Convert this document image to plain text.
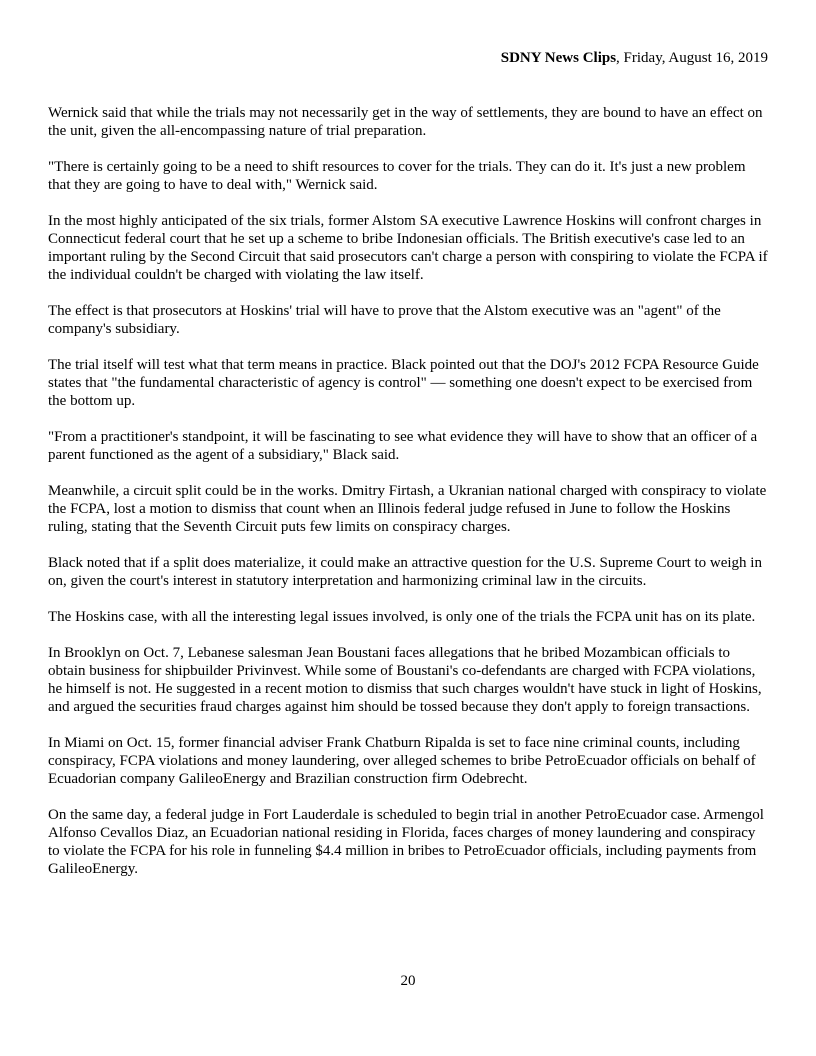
SDNY News Clips, Friday, August 16, 2019

Wernick said that while the trials may not necessarily get in the way of settlements, they are bound to have an effect on the unit, given the all-encompassing nature of trial preparation.

"There is certainly going to be a need to shift resources to cover for the trials. They can do it. It's just a new problem that they are going to have to deal with," Wernick said.

In the most highly anticipated of the six trials, former Alstom SA executive Lawrence Hoskins will confront charges in Connecticut federal court that he set up a scheme to bribe Indonesian officials. The British executive's case led to an important ruling by the Second Circuit that said prosecutors can't charge a person with conspiring to violate the FCPA if the individual couldn't be charged with violating the law itself.

The effect is that prosecutors at Hoskins' trial will have to prove that the Alstom executive was an "agent" of the company's subsidiary.

The trial itself will test what that term means in practice. Black pointed out that the DOJ's 2012 FCPA Resource Guide states that "the fundamental characteristic of agency is control" — something one doesn't expect to be exercised from the bottom up.

"From a practitioner's standpoint, it will be fascinating to see what evidence they will have to show that an officer of a parent functioned as the agent of a subsidiary," Black said.

Meanwhile, a circuit split could be in the works. Dmitry Firtash, a Ukranian national charged with conspiracy to violate the FCPA, lost a motion to dismiss that count when an Illinois federal judge refused in June to follow the Hoskins ruling, stating that the Seventh Circuit puts few limits on conspiracy charges.

Black noted that if a split does materialize, it could make an attractive question for the U.S. Supreme Court to weigh in on, given the court's interest in statutory interpretation and harmonizing criminal law in the circuits.

The Hoskins case, with all the interesting legal issues involved, is only one of the trials the FCPA unit has on its plate.

In Brooklyn on Oct. 7, Lebanese salesman Jean Boustani faces allegations that he bribed Mozambican officials to obtain business for shipbuilder Privinvest. While some of Boustani's co-defendants are charged with FCPA violations, he himself is not. He suggested in a recent motion to dismiss that such charges wouldn't have stuck in light of Hoskins, and argued the securities fraud charges against him should be tossed because they don't apply to foreign transactions.

In Miami on Oct. 15, former financial adviser Frank Chatburn Ripalda is set to face nine criminal counts, including conspiracy, FCPA violations and money laundering, over alleged schemes to bribe PetroEcuador officials on behalf of Ecuadorian company GalileoEnergy and Brazilian construction firm Odebrecht.

On the same day, a federal judge in Fort Lauderdale is scheduled to begin trial in another PetroEcuador case. Armengol Alfonso Cevallos Diaz, an Ecuadorian national residing in Florida, faces charges of money laundering and conspiracy to violate the FCPA for his role in funneling $4.4 million in bribes to PetroEcuador officials, including payments from GalileoEnergy.

20
